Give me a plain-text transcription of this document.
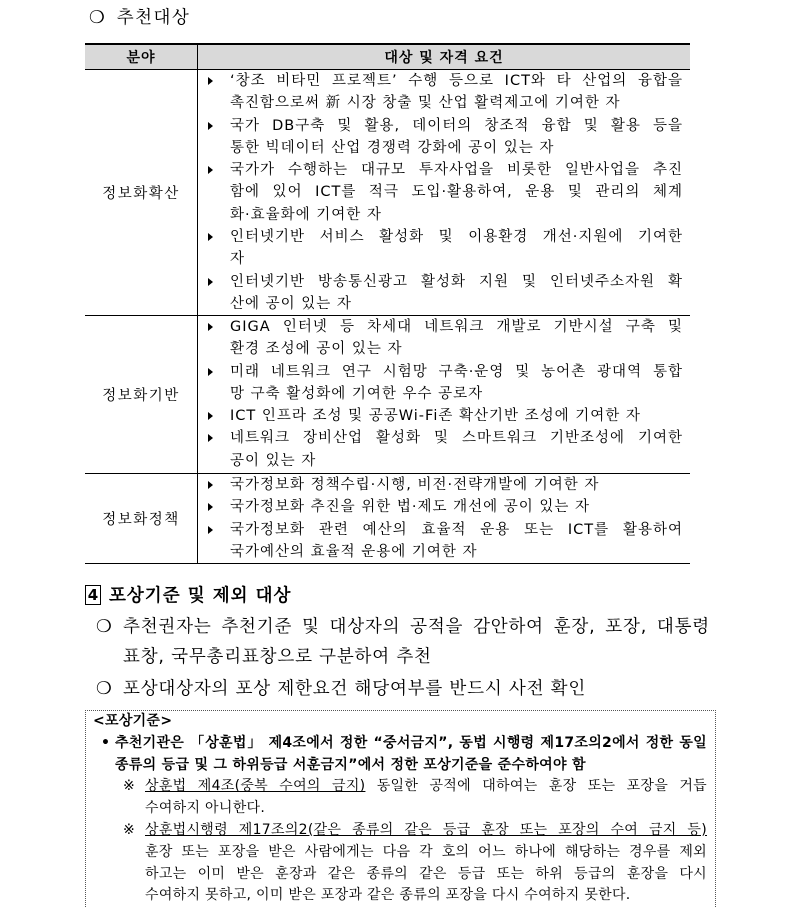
❍ 추천대상
분야	대상 및 자격 요건
정보화확산
‘창조 비타민 프로젝트’ 수행 등으로 ICT와 타 산업의 융합을
촉진함으로써 新 시장 창출 및 산업 활력제고에 기여한 자
국가 DB구축 및 활용, 데이터의 창조적 융합 및 활용 등을
통한 빅데이터 산업 경쟁력 강화에 공이 있는 자
국가가 수행하는 대규모 투자사업을 비롯한 일반사업을 추진
함에 있어 ICT를 적극 도입·활용하여, 운용 및 관리의 체계
화·효율화에 기여한 자
인터넷기반 서비스 활성화 및 이용환경 개선·지원에 기여한
자
인터넷기반 방송통신광고 활성화 지원 및 인터넷주소자원 확
산에 공이 있는 자
정보화기반
GIGA 인터넷 등 차세대 네트워크 개발로 기반시설 구축 및
환경 조성에 공이 있는 자
미래 네트워크 연구 시험망 구축·운영 및 농어촌 광대역 통합
망 구축 활성화에 기여한 우수 공로자
ICT 인프라 조성 및 공공Wi-Fi존 확산기반 조성에 기여한 자
네트워크 장비산업 활성화 및 스마트워크 기반조성에 기여한
공이 있는 자
정보화정책
국가정보화 정책수립·시행, 비전·전략개발에 기여한 자
국가정보화 추진을 위한 법·제도 개선에 공이 있는 자
국가정보화 관련 예산의 효율적 운용 또는 ICT를 활용하여
국가예산의 효율적 운용에 기여한 자
4 포상기준 및 제외 대상
❍ 추천권자는 추천기준 및 대상자의 공적을 감안하여 훈장, 포장, 대통령
표창, 국무총리표창으로 구분하여 추천
❍ 포상대상자의 포상 제한요건 해당여부를 반드시 사전 확인
<포상기준>
• 추천기관은 「상훈법」 제4조에서 정한 “중서금지”, 동법 시행령 제17조의2에서 정한 동일
종류의 등급 및 그 하위등급 서훈금지”에서 정한 포상기준을 준수하여야 함
※ 상훈법 제4조(중복 수여의 금지) 동일한 공적에 대하여는 훈장 또는 포장을 거듭
수여하지 아니한다.
※ 상훈법시행령 제17조의2(같은 종류의 같은 등급 훈장 또는 포장의 수여 금지 등)
훈장 또는 포장을 받은 사람에게는 다음 각 호의 어느 하나에 해당하는 경우를 제외
하고는 이미 받은 훈장과 같은 종류의 같은 등급 또는 하위 등급의 훈장을 다시
수여하지 못하고, 이미 받은 포장과 같은 종류의 포장을 다시 수여하지 못한다.
